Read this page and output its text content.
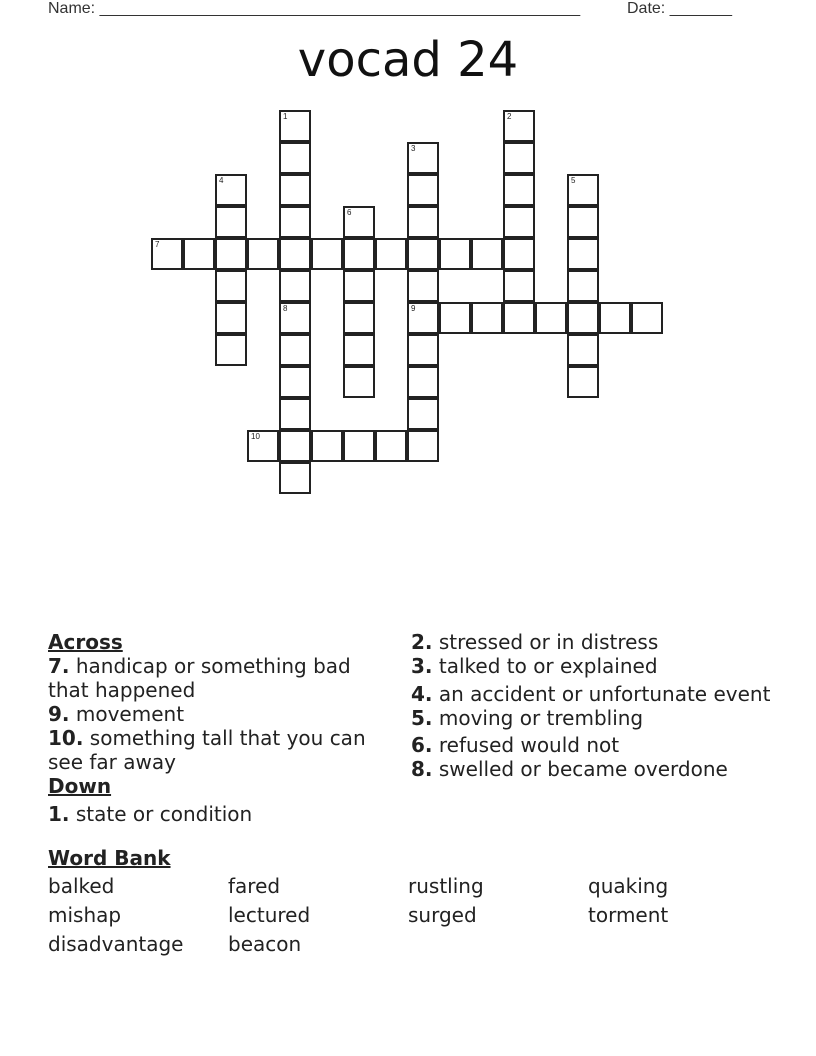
Name: ______________________________________________________	Date: _______
vocad 24
1	2
3
9
4	5
6
7
8
10

Across

7. handicap or something bad that happened

9. movement

10. something tall that you can see far away

Down

1. state or condition

2. stressed or in distress

3. talked to or explained

4. an accident or unfortunate event

5. moving or trembling

6. refused would not

8. swelled or became overdone

Word Bank
balked	fared	rustling	quaking
mishap	lectured	surged	torment
disadvantage	beacon
